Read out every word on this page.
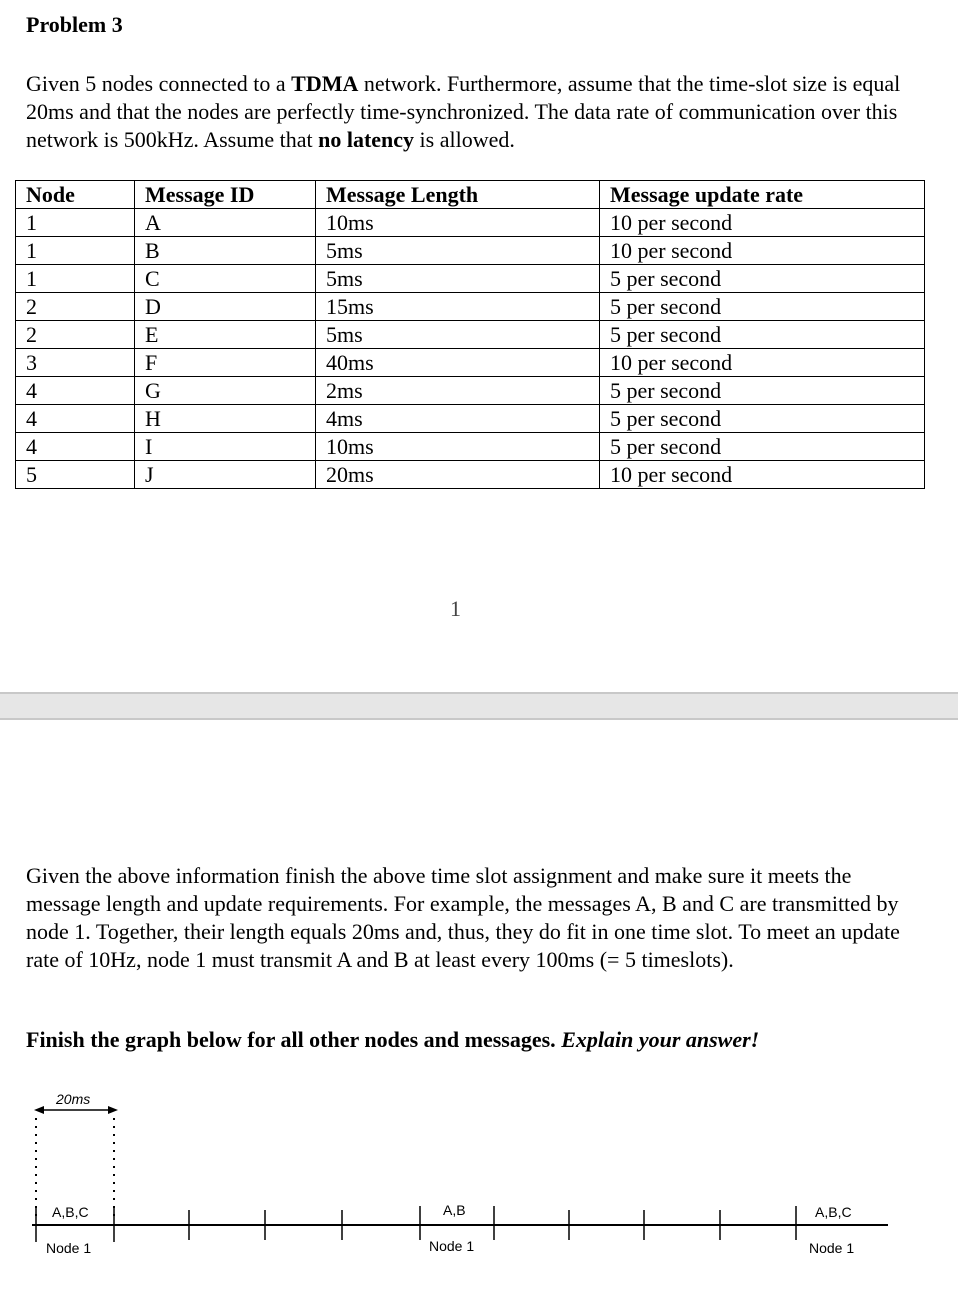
Problem 3
Given 5 nodes connected to a TDMA network. Furthermore, assume that the time-slot size is equal 20ms and that the nodes are perfectly time-synchronized. The data rate of communication over this network is 500kHz. Assume that no latency is allowed.
Node	Message ID	Message Length	Message update rate
1	A	10ms	10 per second
1	B	5ms	10 per second
1	C	5ms	5 per second
2	D	15ms	5 per second
2	E	5ms	5 per second
3	F	40ms	10 per second
4	G	2ms	5 per second
4	H	4ms	5 per second
4	I	10ms	5 per second
5	J	20ms	10 per second
1
Given the above information finish the above time slot assignment and make sure it meets the message length and update requirements. For example, the messages A, B and C are transmitted by node 1. Together, their length equals 20ms and, thus, they do fit in one time slot. To meet an update rate of 10Hz, node 1 must transmit A and B at least every 100ms (= 5 timeslots).
Finish the graph below for all other nodes and messages. Explain your answer!
20ms
A,B,C
Node 1
A,B
Node 1
A,B,C
Node 1
